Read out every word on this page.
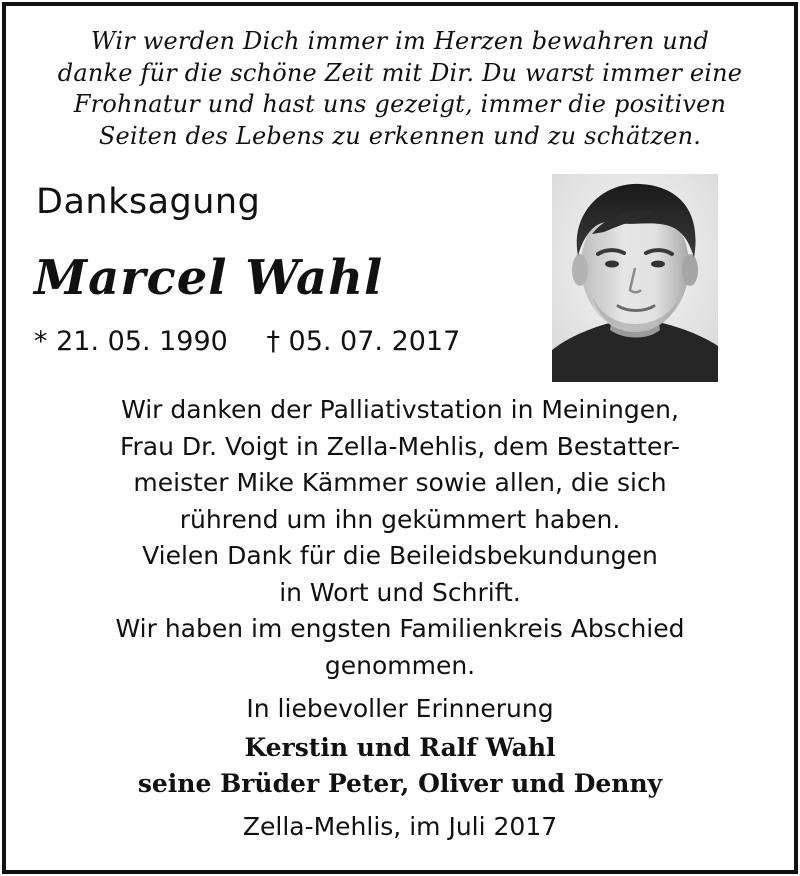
Wir werden Dich immer im Herzen bewahren und
danke für die schöne Zeit mit Dir. Du warst immer eine
Frohnatur und hast uns gezeigt, immer die positiven
Seiten des Lebens zu erkennen und zu schätzen.
Danksagung
Marcel Wahl
* 21. 05. 1990 † 05. 07. 2017
Wir danken der Palliativstation in Meiningen,
Frau Dr. Voigt in Zella-Mehlis, dem Bestatter-
meister Mike Kämmer sowie allen, die sich
rührend um ihn gekümmert haben.
Vielen Dank für die Beileidsbekundungen
in Wort und Schrift.
Wir haben im engsten Familienkreis Abschied
genommen.
In liebevoller Erinnerung
Kerstin und Ralf Wahl
seine Brüder Peter, Oliver und Denny
Zella-Mehlis, im Juli 2017
